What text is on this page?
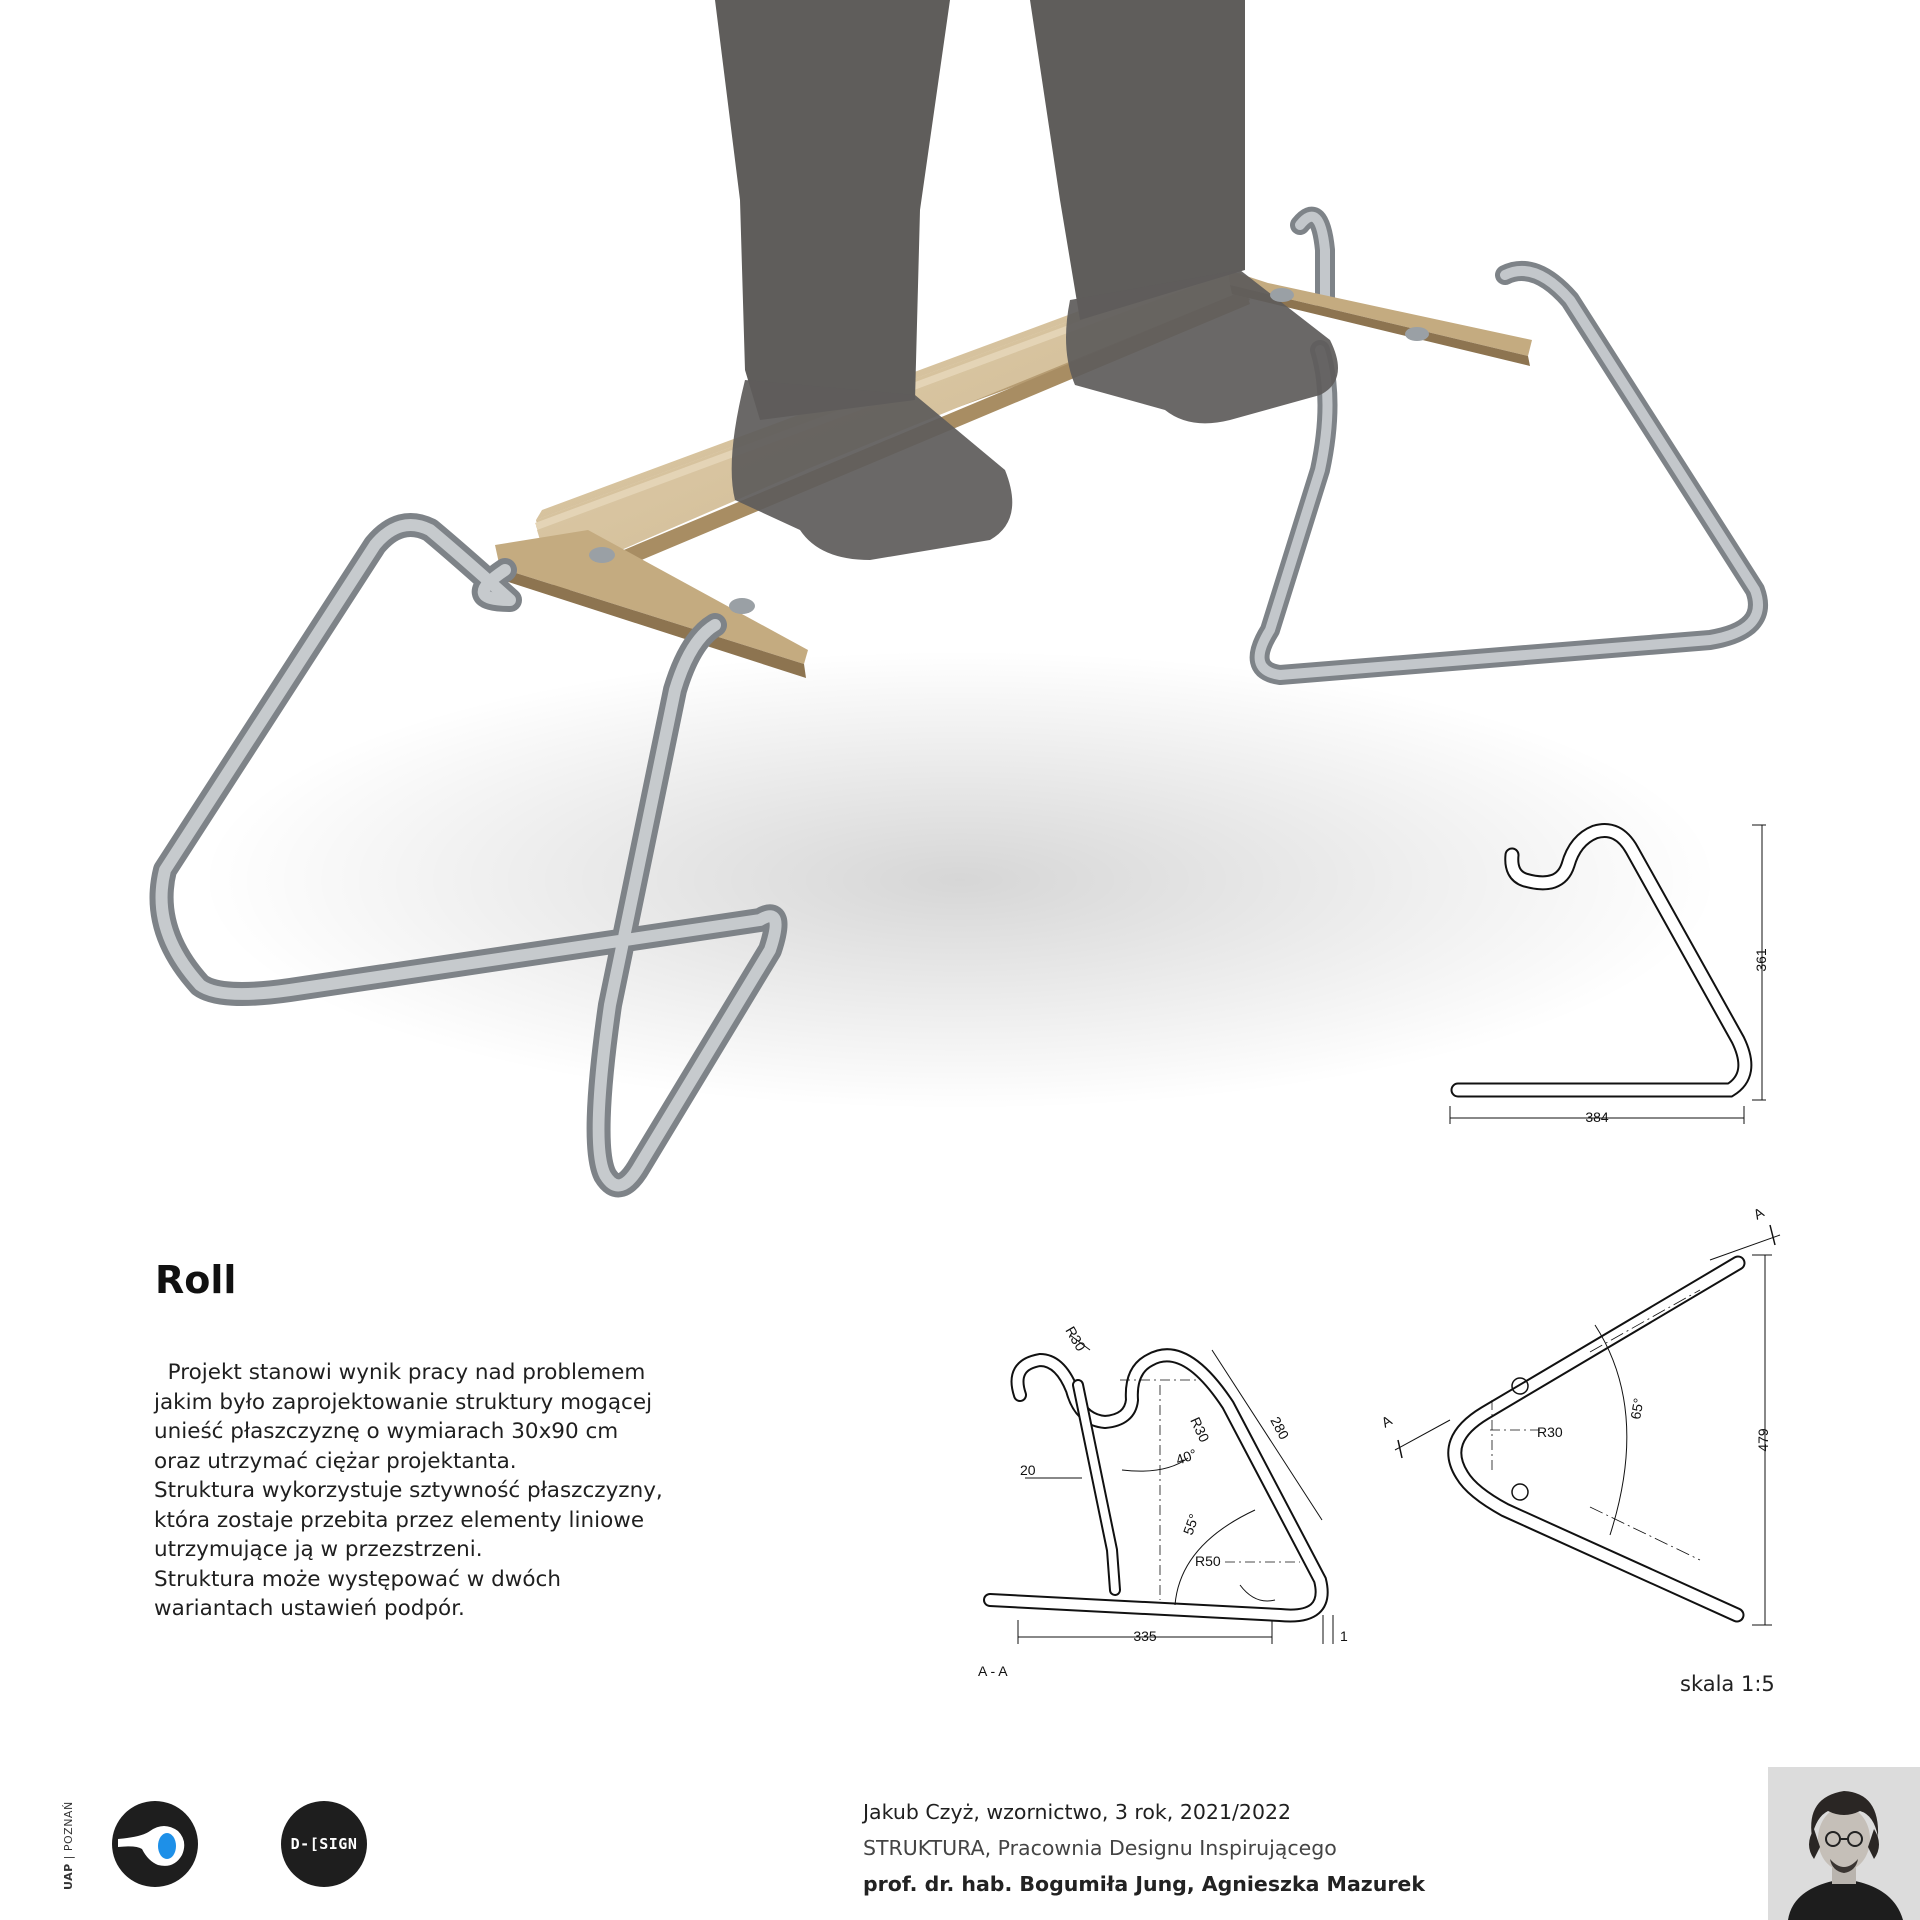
361
384
R30
R30
40°
280
20
55°
R50
335	1
A - A
R30
65°
479
A
A
Roll

Projekt stanowi wynik pracy nad problemem

jakim było zaprojektowanie struktury mogącej

unieść płaszczyznę o wymiarach 30x90 cm

oraz utrzymać ciężar projektanta.

Struktura wykorzystuje sztywność płaszczyzny,

która zostaje przebita przez elementy liniowe

utrzymujące ją w przezstrzeni.

Struktura może występować w dwóch

wariantach ustawień podpór.

skala 1:5
Jakub Czyż, wzornictwo, 3 rok, 2021/2022
STRUKTURA, Pracownia Designu Inspirującego
prof. dr. hab. Bogumiła Jung, Agnieszka Mazurek
UAP | POZNAŃ	D-[SIGN
